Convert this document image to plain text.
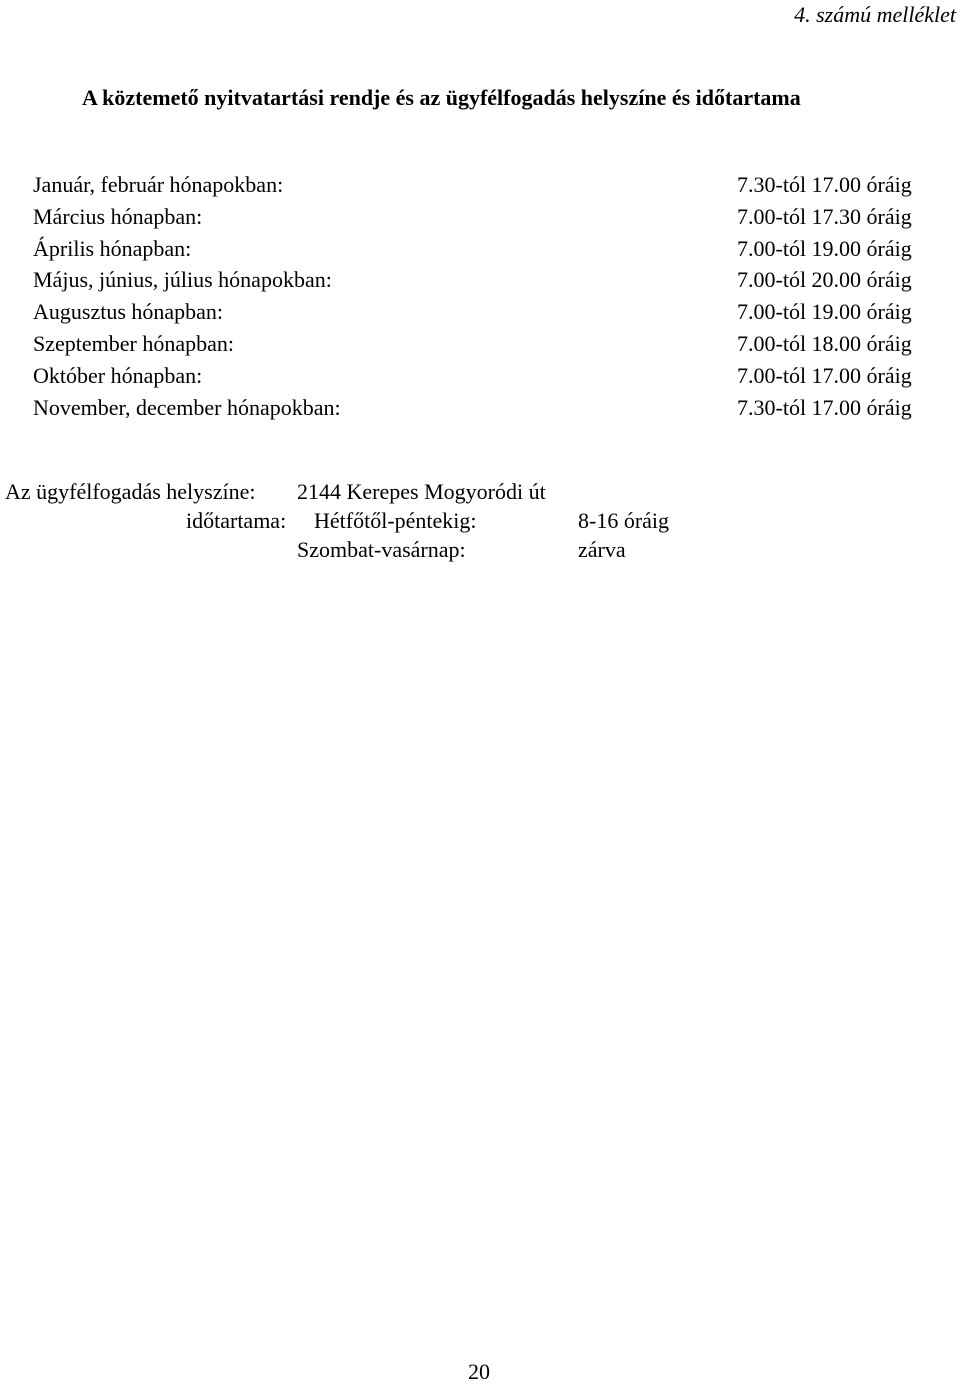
4. számú melléklet
A köztemető nyitvatartási rendje és az ügyfélfogadás helyszíne és időtartama
Január, február hónapokban:	7.30-tól 17.00 óráig
Március hónapban:	7.00-tól 17.30 óráig
Április hónapban:	7.00-tól 19.00 óráig
Május, június, július hónapokban:	7.00-tól 20.00 óráig
Augusztus hónapban:	7.00-tól 19.00 óráig
Szeptember hónapban:	7.00-tól 18.00 óráig
Október hónapban:	7.00-tól 17.00 óráig
November, december hónapokban:	7.30-tól 17.00 óráig
Az ügyfélfogadás helyszíne: 2144 Kerepes Mogyoródi út
időtartama: Hétfőtől-péntekig:	8-16 óráig
Szombat-vasárnap:	zárva
20
